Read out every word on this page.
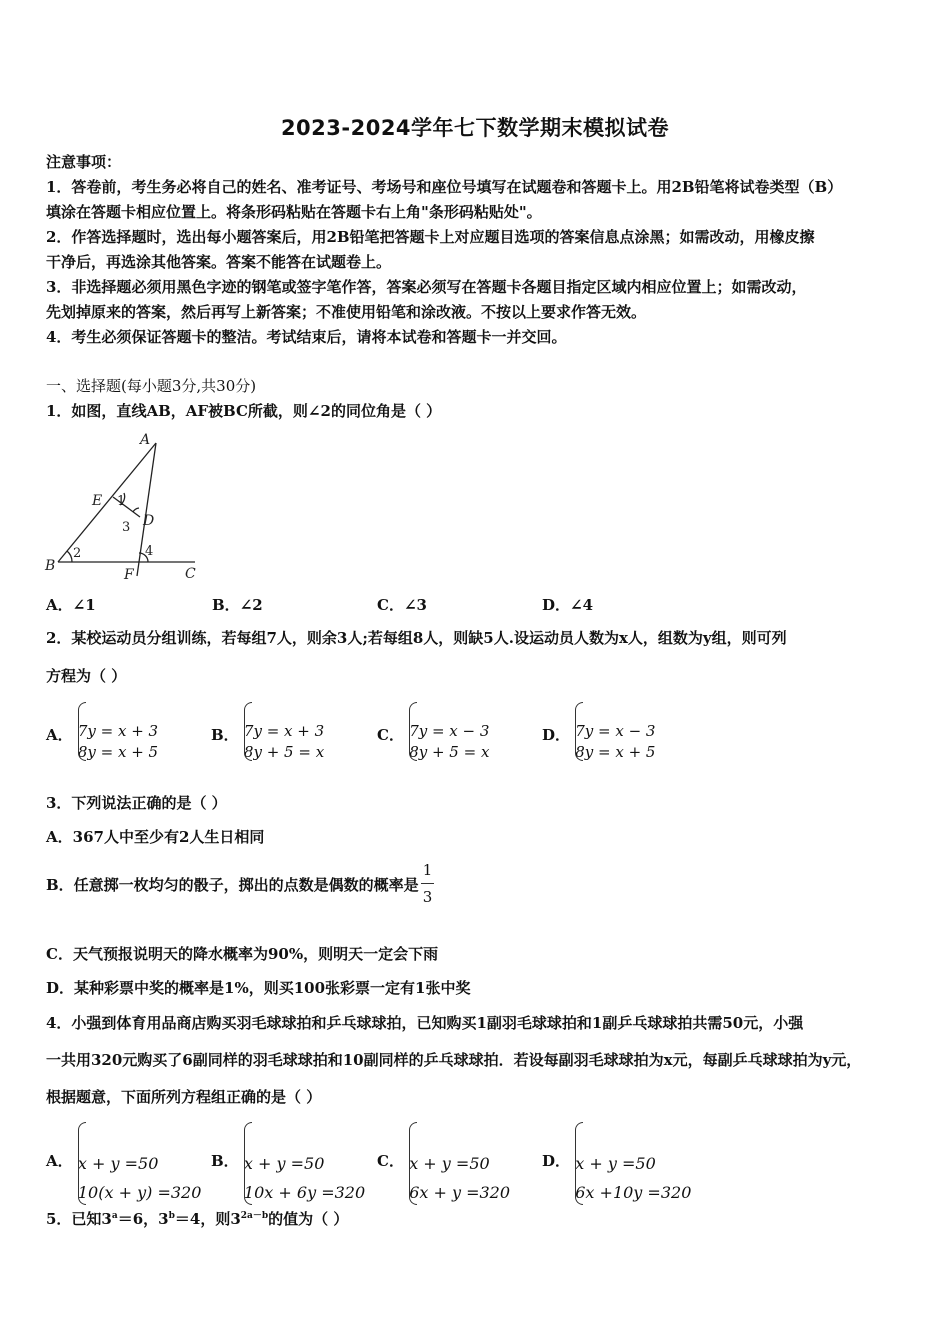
2023-2024学年七下数学期末模拟试卷
注意事项：
1．答卷前，考生务必将自己的姓名、准考证号、考场号和座位号填写在试题卷和答题卡上。用2B铅笔将试卷类型（B）
填涂在答题卡相应位置上。将条形码粘贴在答题卡右上角"条形码粘贴处"。
2．作答选择题时，选出每小题答案后，用2B铅笔把答题卡上对应题目选项的答案信息点涂黑；如需改动，用橡皮擦
干净后，再选涂其他答案。答案不能答在试题卷上。
3．非选择题必须用黑色字迹的钢笔或签字笔作答，答案必须写在答题卡各题目指定区域内相应位置上；如需改动，
先划掉原来的答案，然后再写上新答案；不准使用铅笔和涂改液。不按以上要求作答无效。
4．考生必须保证答题卡的整洁。考试结束后，请将本试卷和答题卡一并交回。
一、选择题(每小题3分,共30分)
1．如图，直线AB，AF被BC所截，则∠2的同位角是（ ）
A
B	C
D
E
F
1
2
3
4
A．∠1	B．∠2	C．∠3	D．∠4
2．某校运动员分组训练，若每组7人，则余3人;若每组8人，则缺5人.设运动员人数为x人，组数为y组，则可列
方程为（ ）
A． 7y = x + 3
8y = x + 5
B． 7y = x + 3
8y + 5 = x
C． 7y = x − 3
8y + 5 = x
D． 7y = x − 3
8y = x + 5
3．下列说法正确的是（ ）
A．367人中至少有2人生日相同
B．任意掷一枚均匀的骰子，掷出的点数是偶数的概率是 $\frac{1}{3}$
C．天气预报说明天的降水概率为90%，则明天一定会下雨
D．某种彩票中奖的概率是1%，则买100张彩票一定有1张中奖
4．小强到体育用品商店购买羽毛球球拍和乒乓球球拍，已知购买1副羽毛球球拍和1副乒乓球球拍共需50元，小强
一共用320元购买了6副同样的羽毛球球拍和10副同样的乒乓球球拍．若设每副羽毛球球拍为x元，每副乒乓球球拍为y元，
根据题意，下面所列方程组正确的是（ ）
A． x + y =50
10(x + y) =320
B． x + y =50
10x + 6y =320
C． x + y =50
6x + y =320
D． x + y =50
6x +10y =320
5．已知$3^a=6$，$3^b=4$，则$3^{2a-b}$的值为（ ）
